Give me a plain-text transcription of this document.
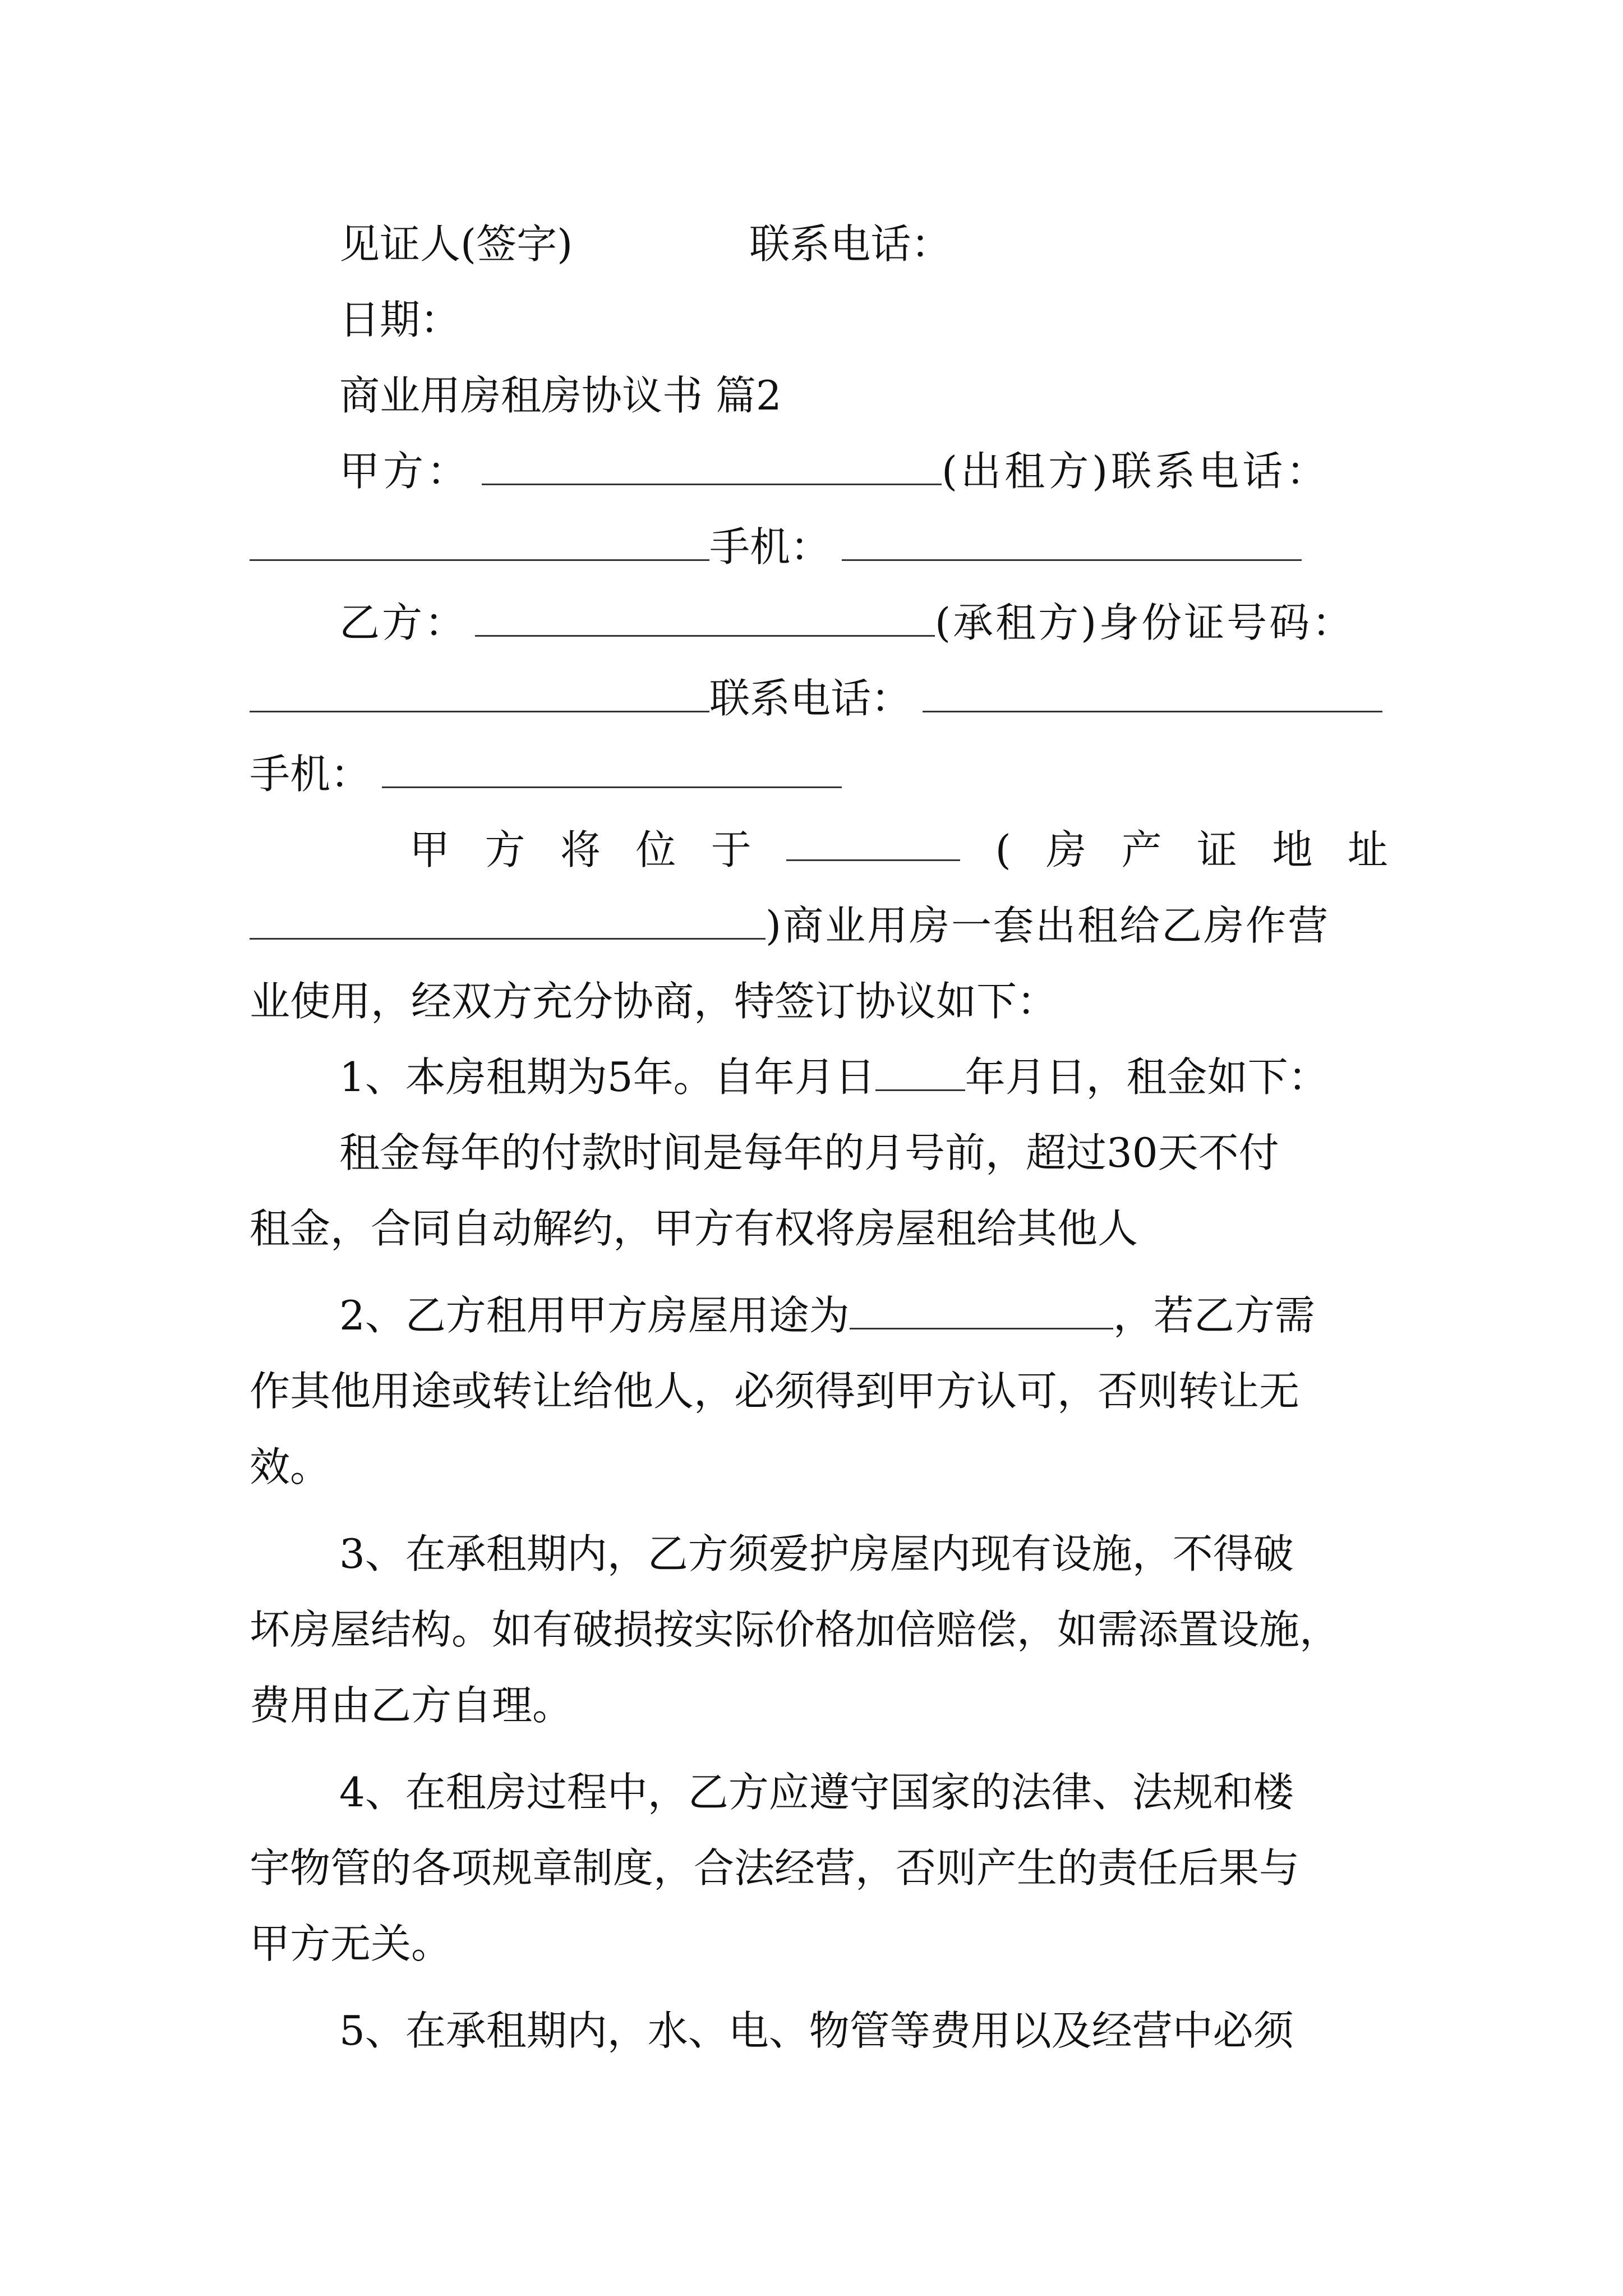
见证人(签字)	联系电话：
日期：
商业用房租房协议书 篇2
甲方：	(出租方)联系电话：
手机：
乙方：	(承租方)身份证号码：
联系电话：
手机：
甲 方 将 位 于	( 房 产 证 地 址
)商业用房一套出租给乙房作营
业使用，经双方充分协商，特签订协议如下：
1、本房租期为5年。自年月日 年月日，租金如下：
租金每年的付款时间是每年的月号前，超过30天不付
租金，合同自动解约，甲方有权将房屋租给其他人
2、乙方租用甲方房屋用途为	，若乙方需
作其他用途或转让给他人，必须得到甲方认可，否则转让无
效。
3、在承租期内，乙方须爱护房屋内现有设施，不得破
坏房屋结构。如有破损按实际价格加倍赔偿，如需添置设施，
费用由乙方自理。
4、在租房过程中，乙方应遵守国家的法律、法规和楼
宇物管的各项规章制度，合法经营，否则产生的责任后果与
甲方无关。
5、在承租期内，水、电、物管等费用以及经营中必须
